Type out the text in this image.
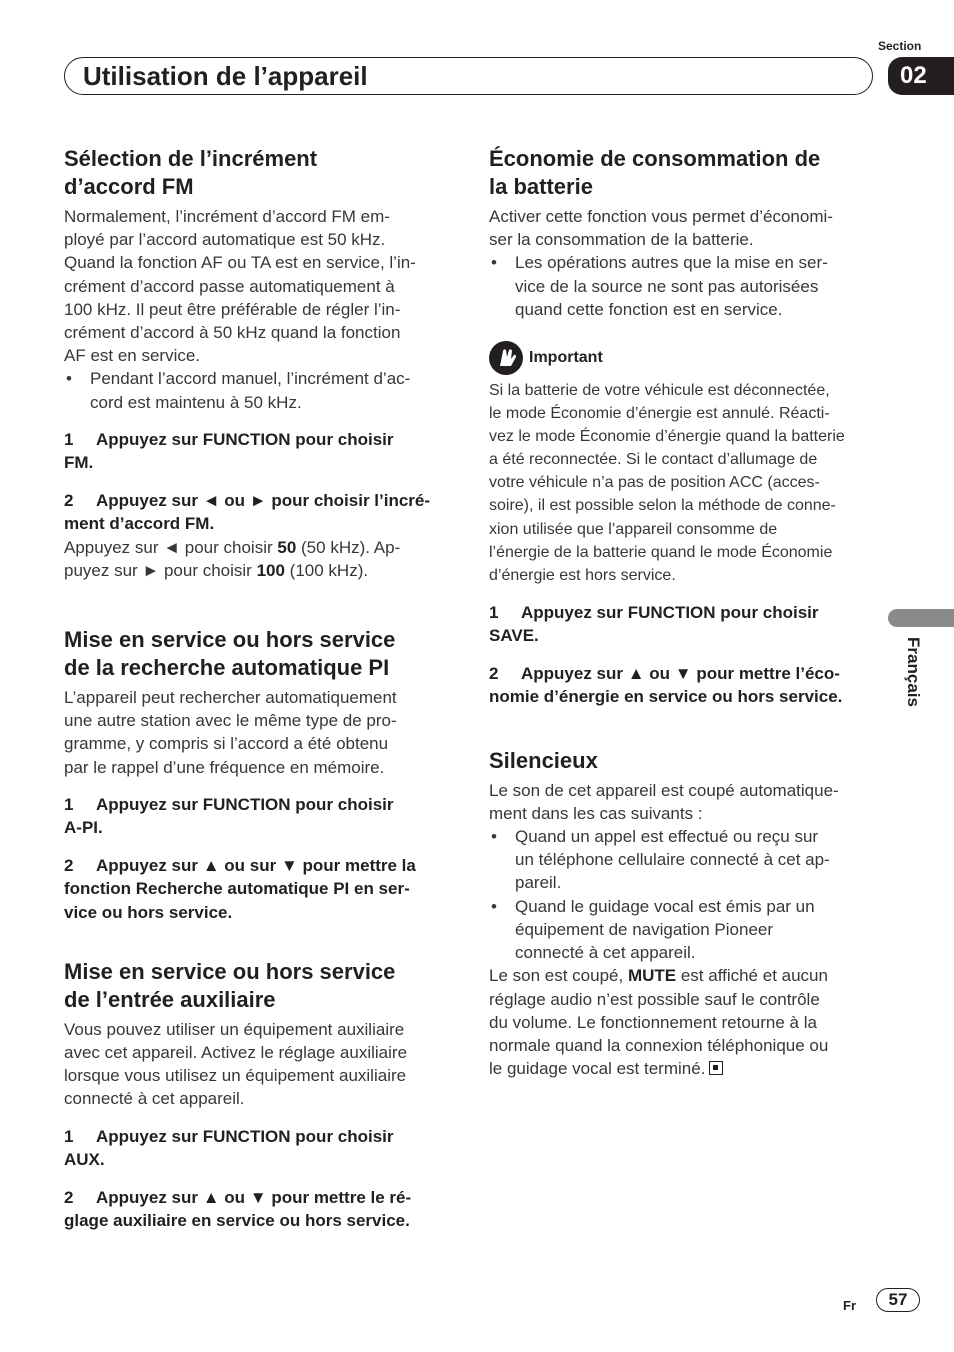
Utilisation de l’appareil
Section
02
Français
Sélection de l’incrément
d’accord FM

Normalement, l’incrément d’accord FM em-
ployé par l’accord automatique est 50 kHz.
Quand la fonction AF ou TA est en service, l’in-
crément d’accord passe automatiquement à
100 kHz. Il peut être préférable de régler l’in-
crément d’accord à 50 kHz quand la fonction
AF est en service.

• Pendant l’accord manuel, l’incrément d’ac-
cord est maintenu à 50 kHz.

1 Appuyez sur FUNCTION pour choisir
FM.

2 Appuyez sur ◄ ou ► pour choisir l’incré-
ment d’accord FM.

Appuyez sur ◄ pour choisir 50 (50 kHz). Ap-
puyez sur ► pour choisir 100 (100 kHz).

Mise en service ou hors service
de la recherche automatique PI

L’appareil peut rechercher automatiquement
une autre station avec le même type de pro-
gramme, y compris si l’accord a été obtenu
par le rappel d’une fréquence en mémoire.

1 Appuyez sur FUNCTION pour choisir
A-PI.

2 Appuyez sur ▲ ou sur ▼ pour mettre la
fonction Recherche automatique PI en ser-
vice ou hors service.

Mise en service ou hors service
de l’entrée auxiliaire

Vous pouvez utiliser un équipement auxiliaire
avec cet appareil. Activez le réglage auxiliaire
lorsque vous utilisez un équipement auxiliaire
connecté à cet appareil.

1 Appuyez sur FUNCTION pour choisir
AUX.

2 Appuyez sur ▲ ou ▼ pour mettre le ré-
glage auxiliaire en service ou hors service.

Économie de consommation de
la batterie

Activer cette fonction vous permet d’économi-
ser la consommation de la batterie.

• Les opérations autres que la mise en ser-
vice de la source ne sont pas autorisées
quand cette fonction est en service.
Important

Si la batterie de votre véhicule est déconnectée,
le mode Économie d’énergie est annulé. Réacti-
vez le mode Économie d’énergie quand la batterie
a été reconnectée. Si le contact d’allumage de
votre véhicule n’a pas de position ACC (acces-
soire), il est possible selon la méthode de conne-
xion utilisée que l’appareil consomme de
l’énergie de la batterie quand le mode Économie
d’énergie est hors service.

1 Appuyez sur FUNCTION pour choisir
SAVE.

2 Appuyez sur ▲ ou ▼ pour mettre l’éco-
nomie d’énergie en service ou hors service.

Silencieux

Le son de cet appareil est coupé automatique-
ment dans les cas suivants :

• Quand un appel est effectué ou reçu sur
un téléphone cellulaire connecté à cet ap-
pareil.
• Quand le guidage vocal est émis par un
équipement de navigation Pioneer
connecté à cet appareil.

Le son est coupé, MUTE est affiché et aucun
réglage audio n’est possible sauf le contrôle
du volume. Le fonctionnement retourne à la
normale quand la connexion téléphonique ou
le guidage vocal est terminé.

Fr	57
